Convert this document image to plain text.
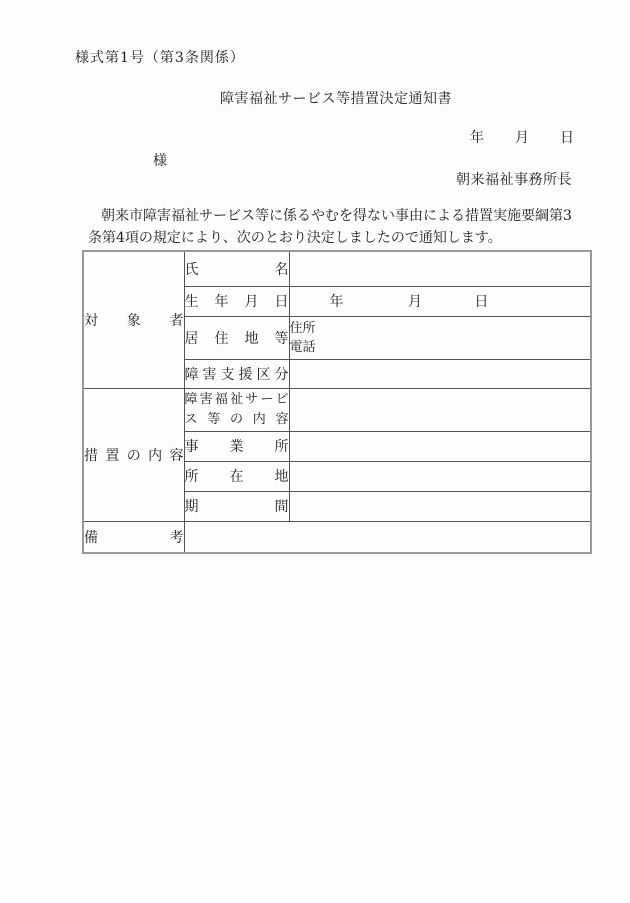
様式第1号（第3条関係）
障害福祉サービス等措置決定通知書
年 月 日
様
朝来福祉事務所長
朝来市障害福祉サービス等に係るやむを得ない事由による措置実施要綱第3
条第4項の規定により、次のとおり決定しましたので通知します。
対象者	氏名	

	生年月日	年 月 日

	居住地等	住所
電話

	障害支援区分	

措置の内容	障害福祉サービ
ス等の内容	

	事業所	

	所在地	

	期間	

備考		
